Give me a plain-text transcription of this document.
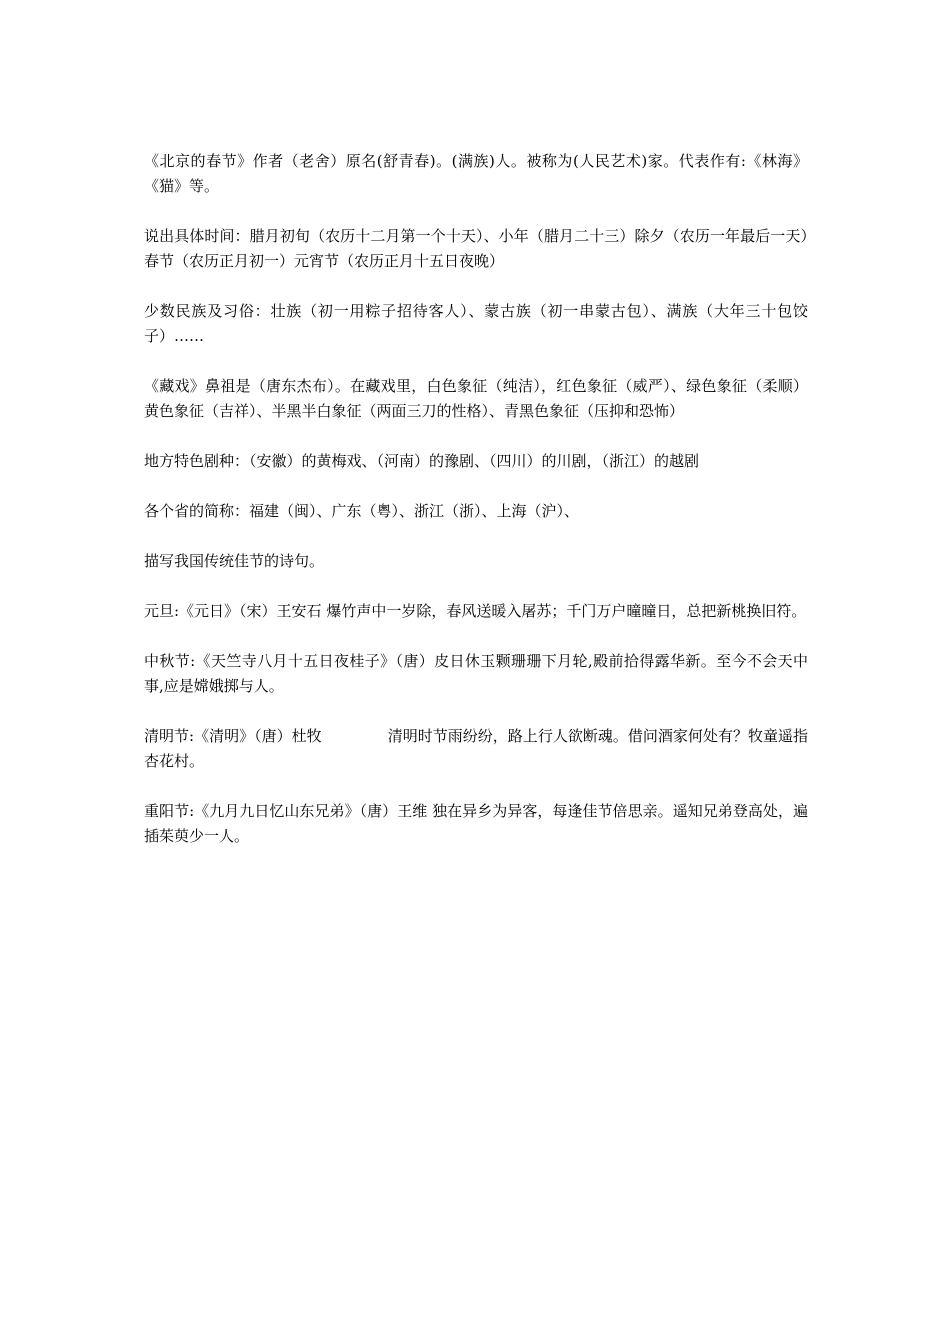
《北京的春节》作者（老舍）原名(舒青春)。(满族)人。被称为(人民艺术)家。代表作有:《林海》《猫》等。

说出具体时间：腊月初旬（农历十二月第一个十天）、小年（腊月二十三）除夕（农历一年最后一天）春节（农历正月初一）元宵节（农历正月十五日夜晚）

少数民族及习俗：壮族（初一用粽子招待客人）、蒙古族（初一串蒙古包）、满族（大年三十包饺子）……

《藏戏》鼻祖是（唐东杰布）。在藏戏里，白色象征（纯洁），红色象征（威严）、绿色象征（柔顺）黄色象征（吉祥）、半黑半白象征（两面三刀的性格）、青黑色象征（压抑和恐怖）

地方特色剧种：（安徽）的黄梅戏、（河南）的豫剧、（四川）的川剧，（浙江）的越剧

各个省的简称：福建（闽）、广东（粤）、浙江（浙）、上海（沪）、

描写我国传统佳节的诗句。

元旦:《元日》（宋）王安石 爆竹声中一岁除，春风送暖入屠苏；千门万户曈曈日，总把新桃换旧符。

中秋节:《天竺寺八月十五日夜桂子》（唐）皮日休玉颗珊珊下月轮,殿前拾得露华新。至今不会天中事,应是嫦娥掷与人。

清明节:《清明》（唐）杜牧	清明时节雨纷纷，路上行人欲断魂。借问酒家何处有？牧童遥指杏花村。

重阳节:《九月九日忆山东兄弟》（唐）王维 独在异乡为异客，每逢佳节倍思亲。遥知兄弟登高处，遍插茱萸少一人。
